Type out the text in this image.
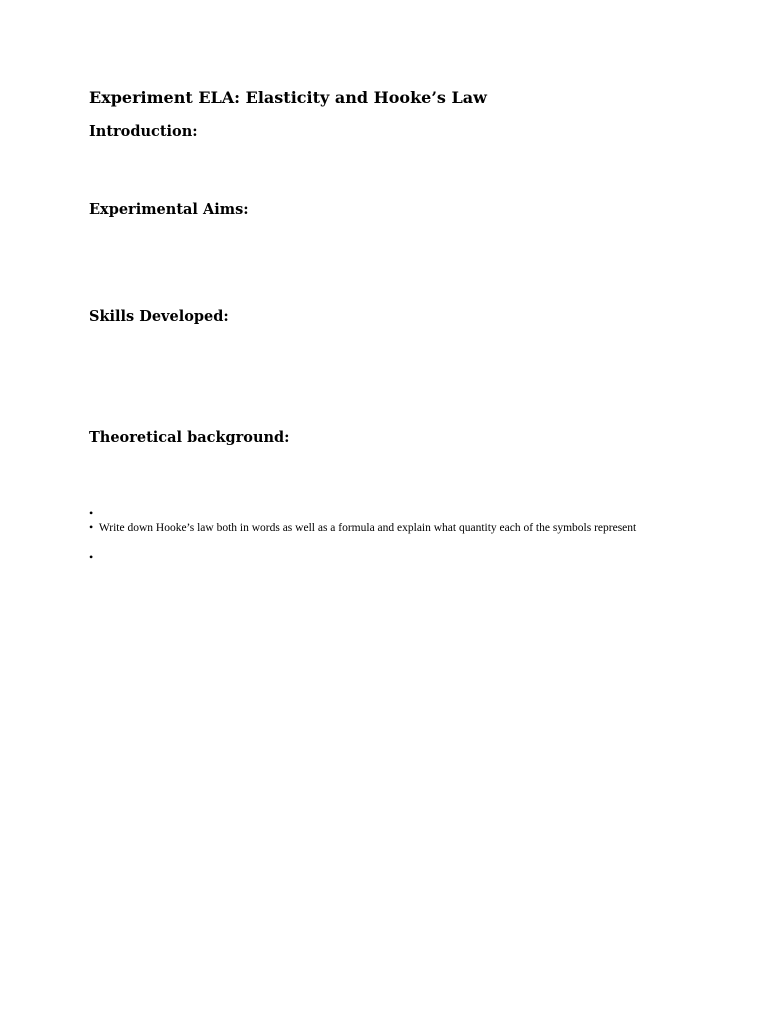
Experiment ELA: Elasticity and Hooke’s Law
Introduction:
Experimental Aims:
Skills Developed:
Theoretical background:
•
• Write down Hooke’s law both in words as well as a formula and explain what quantity each of the symbols represent
•
